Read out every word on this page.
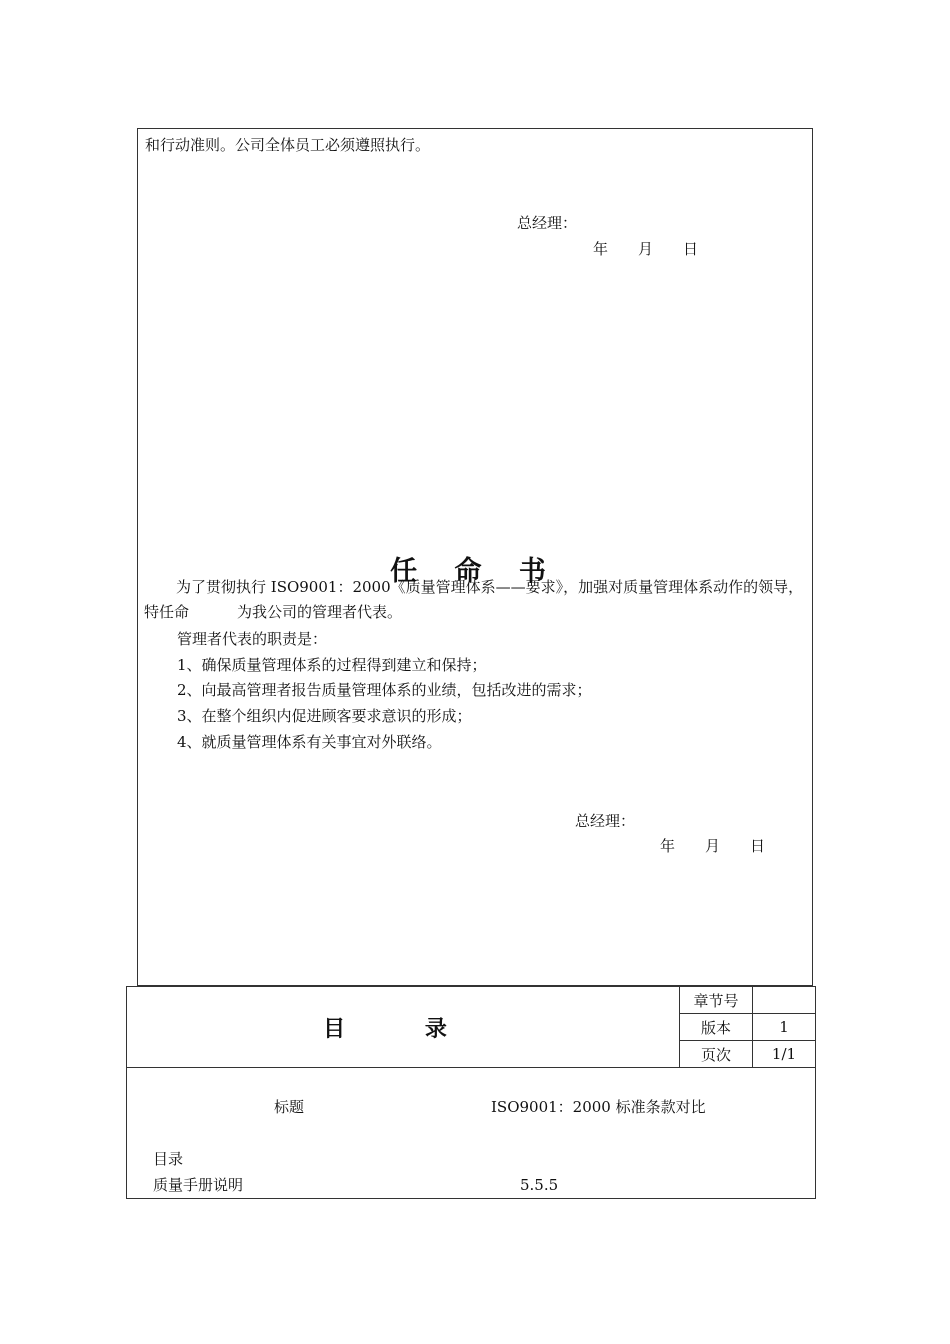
和行动准则。公司全体员工必须遵照执行。
总经理：
年　　月　　日
任 命 书
为了贯彻执行 ISO9001：2000《质量管理体系——要求》，加强对质量管理体系动作的领导，特任命	为我公司的管理者代表。
管理者代表的职责是：
1、确保质量管理体系的过程得到建立和保持；
2、向最高管理者报告质量管理体系的业绩，包括改进的需求；
3、在整个组织内促进顾客要求意识的形成；
4、就质量管理体系有关事宜对外联络。
总经理：
年　　月　　日
目 录
章节号	
版本	1
页次	1/1
标题	ISO9001：2000 标准条款对比
目录
质量手册说明	5.5.5
